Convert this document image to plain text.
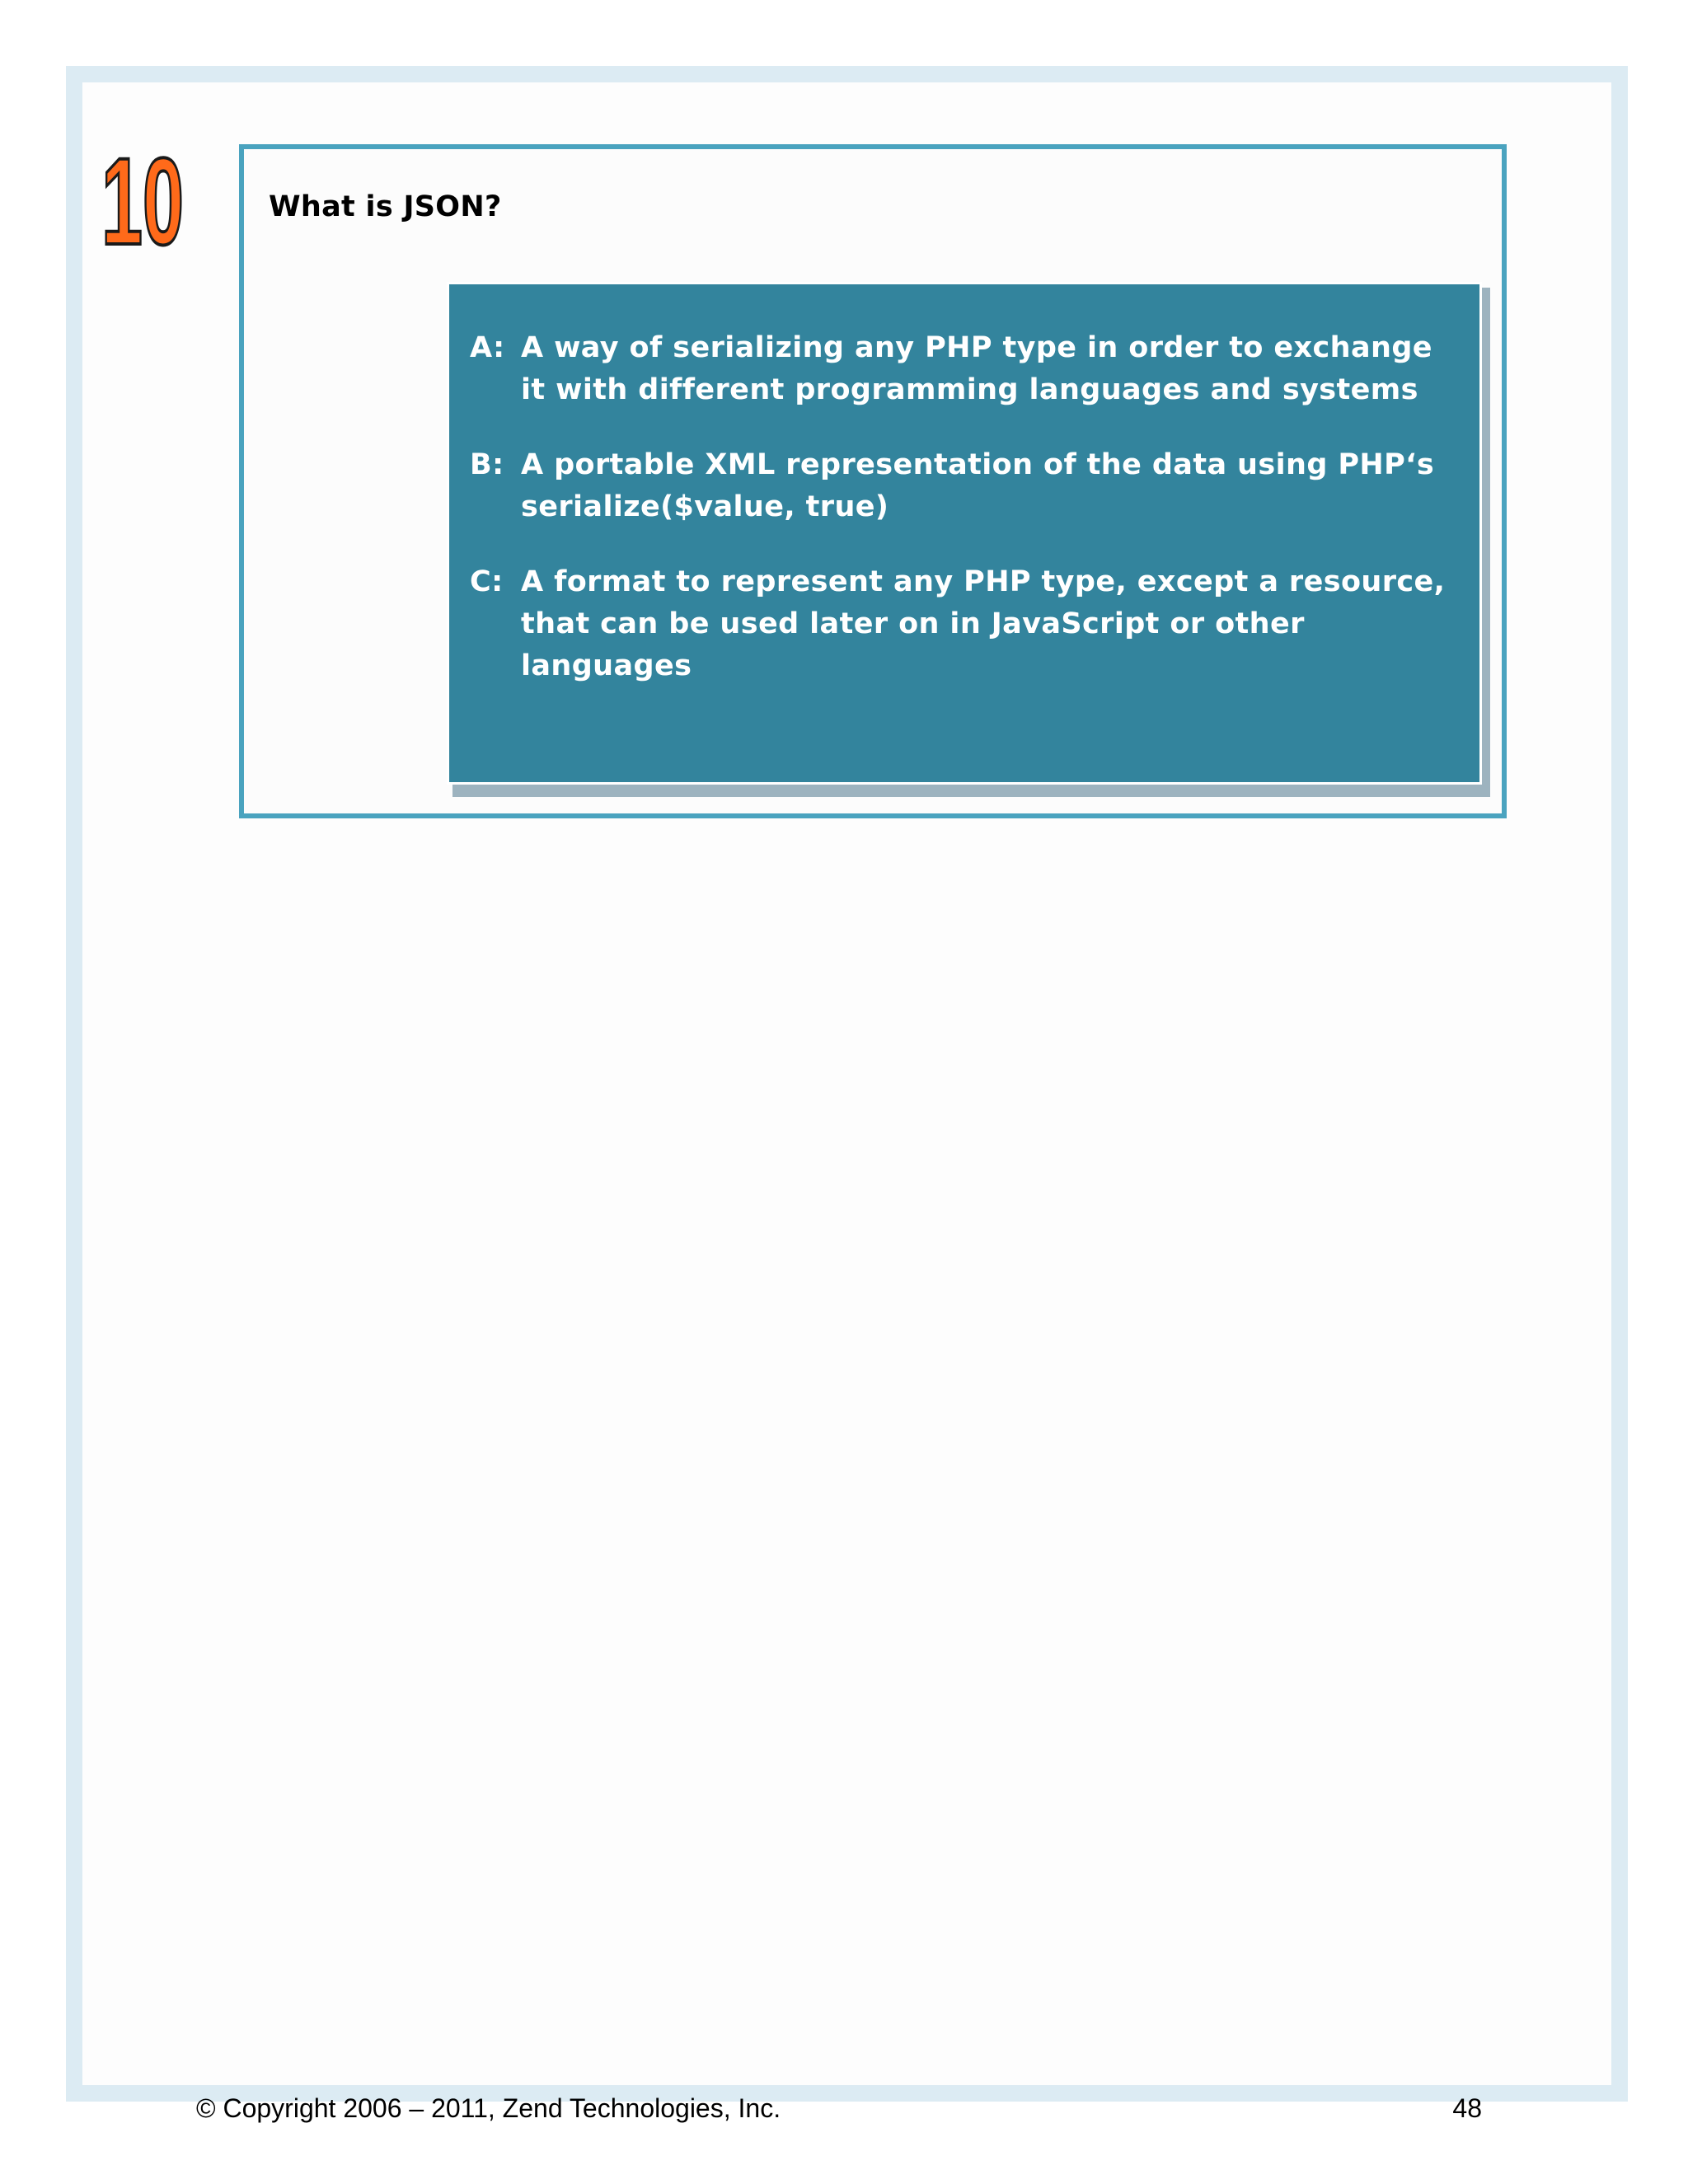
10	What is JSON?
A: A way of serializing any PHP type in order to exchange it with different programming languages and systems
B: A portable XML representation of the data using PHP‘s serialize($value, true)
C: A format to represent any PHP type, except a resource, that can be used later on in JavaScript or other languages
© Copyright 2006 – 2011, Zend Technologies, Inc.	48
